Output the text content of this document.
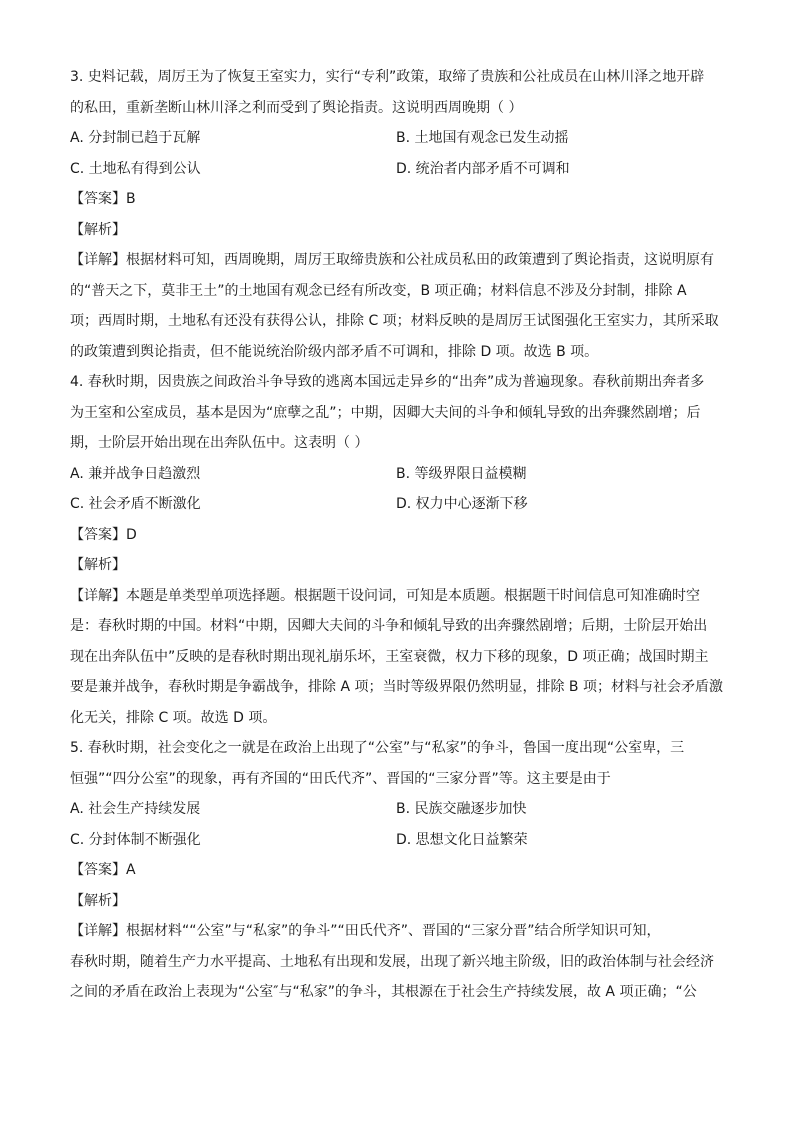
3. 史料记载，周厉王为了恢复王室实力，实行“专利”政策，取缔了贵族和公社成员在山林川泽之地开辟
的私田，重新垄断山林川泽之利而受到了舆论指责。这说明西周晚期（ ）
A. 分封制已趋于瓦解	B. 土地国有观念已发生动摇
C. 土地私有得到公认	D. 统治者内部矛盾不可调和
【答案】B
【解析】
【详解】根据材料可知，西周晚期，周厉王取缔贵族和公社成员私田的政策遭到了舆论指责，这说明原有
的“普天之下，莫非王土”的土地国有观念已经有所改变，B 项正确；材料信息不涉及分封制，排除 A
项；西周时期，土地私有还没有获得公认，排除 C 项；材料反映的是周厉王试图强化王室实力，其所采取
的政策遭到舆论指责，但不能说统治阶级内部矛盾不可调和，排除 D 项。故选 B 项。
4. 春秋时期，因贵族之间政治斗争导致的逃离本国远走异乡的“出奔”成为普遍现象。春秋前期出奔者多
为王室和公室成员，基本是因为“庶孽之乱”；中期，因卿大夫间的斗争和倾轧导致的出奔骤然剧增；后
期，士阶层开始出现在出奔队伍中。这表明（ ）
A. 兼并战争日趋激烈	B. 等级界限日益模糊
C. 社会矛盾不断激化	D. 权力中心逐渐下移
【答案】D
【解析】
【详解】本题是单类型单项选择题。根据题干设问词，可知是本质题。根据题干时间信息可知准确时空
是：春秋时期的中国。材料“中期，因卿大夫间的斗争和倾轧导致的出奔骤然剧增；后期，士阶层开始出
现在出奔队伍中”反映的是春秋时期出现礼崩乐坏，王室衰微，权力下移的现象，D 项正确；战国时期主
要是兼并战争，春秋时期是争霸战争，排除 A 项；当时等级界限仍然明显，排除 B 项；材料与社会矛盾激
化无关，排除 C 项。故选 D 项。
5. 春秋时期，社会变化之一就是在政治上出现了“公室”与“私家”的争斗，鲁国一度出现“公室卑，三
恒强”“四分公室”的现象，再有齐国的“田氏代齐”、晋国的“三家分晋”等。这主要是由于
A. 社会生产持续发展	B. 民族交融逐步加快
C. 分封体制不断强化	D. 思想文化日益繁荣
【答案】A
【解析】
【详解】根据材料““公室”与“私家”的争斗”“田氏代齐”、晋国的“三家分晋”结合所学知识可知，
春秋时期，随着生产力水平提高、土地私有出现和发展，出现了新兴地主阶级，旧的政治体制与社会经济
之间的矛盾在政治上表现为“公室″与“私家”的争斗，其根源在于社会生产持续发展，故 A 项正确；“公
